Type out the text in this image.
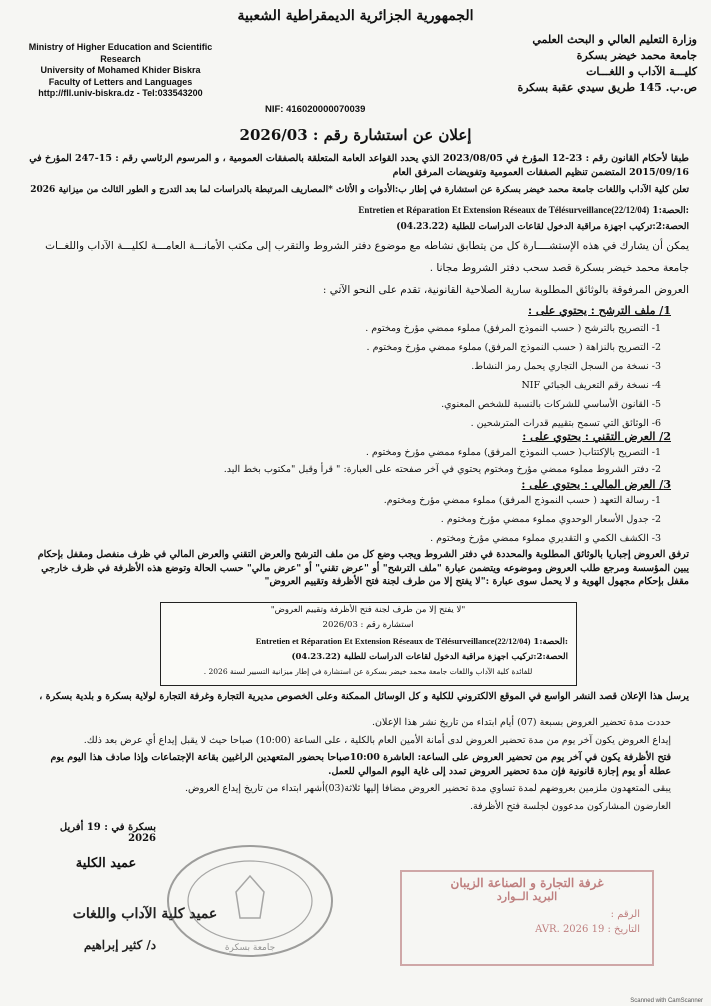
الجمهورية الجزائرية الديمقراطية الشعبية
Ministry of Higher Education and Scientific
Research
University of Mohamed Khider Biskra
Faculty of Letters and Languages
http://fll.univ-biskra.dz - Tel:033543200
وزارة التعليم العالي و البحث العلمي
جامعة محمد خيضر بسكرة
كليـــة الآداب و اللغـــات
ص.ب. 145 طريق سيدي عقبة بسكرة
NIF: 416020000070039
إعلان عن استشارة رقم : 2026/03
طبقا لأحكام القانون رقم : 23-12 المؤرخ في 2023/08/05 الذي يحدد القواعد العامة المتعلقة بالصفقات العمومية ، و المرسوم الرئاسي رقم : 15-247 المؤرخ في 2015/09/16 المتضمن تنظيم الصفقات العمومية وتفويضات المرفق العام
تعلن كلية الآداب واللغات جامعة محمد خيضر بسكرة عن استشارة في إطار ب:الأدوات و الأثاث *المصاريف المرتبطة بالدراسات لما بعد التدرج و الطور الثالث من ميزانية 2026
Entretien et Réparation Et Extension Réseaux de Télésurveillance(22/12/04) الحصة:1:
الحصة:2:تركيب اجهزة مراقبة الدخول لقاعات الدراسات للطلبة (04.23.22)
يمكن أن يشارك في هذه الإستشــــارة كل من يتطابق نشاطه مع موضوع دفتر الشروط والتقرب إلى مكتب الأمانـــة العامـــة لكليـــة الآداب واللغــات
جامعة محمد خيضر بسكرة قصد سحب دفتر الشروط مجانا .
العروض المرفوقة بالوثائق المطلوبة سارية الصلاحية القانونية، تقدم على النحو الآتي :
1/ ملف الترشح : يحتوي على :
1- التصريح بالترشح ( حسب النموذج المرفق) مملوء ممضي مؤرخ ومختوم .
2- التصريح بالنزاهة ( حسب النموذج المرفق) مملوء ممضي مؤرخ ومختوم .
3- نسخة من السجل التجاري يحمل رمز النشاط.
4- نسخة رقم التعريف الجبائي NIF
5- القانون الأساسي للشركات بالنسبة للشخص المعنوي.
6- الوثائق التي تسمح بتقييم قدرات المترشحين .
2/ العرض التقني : يحتوي على :
1- التصريح بالإكتتاب( حسب النموذج المرفق) مملوء ممضي مؤرخ ومختوم .
2- دفتر الشروط مملوء ممضي مؤرخ ومختوم يحتوي في آخر صفحته على العبارة: " قرأ وقبل "مكتوب بخط اليد.
3/ العرض المالي : يحتوي على :
1- رسالة التعهد ( حسب النموذج المرفق) مملوء ممضي مؤرخ ومختوم.
2- جدول الأسعار الوحدوي مملوء ممضي مؤرخ ومختوم .
3- الكشف الكمي و التقديري مملوء ممضي مؤرخ ومختوم .
ترفق العروض إجباريا بالوثائق المطلوبة والمحددة في دفتر الشروط ويجب وضع كل من ملف الترشح والعرض التقني والعرض المالي في ظرف منفصل ومقفل بإحكام يبين المؤسسة ومرجع طلب العروض وموضوعه ويتضمن عبارة "ملف الترشح" أو "عرض تقني" أو "عرض مالي" حسب الحالة وتوضع هذه الأظرفة في ظرف خارجي مقفل بإحكام مجهول الهوية و لا يحمل سوى عبارة :"لا يفتح إلا من طرف لجنة فتح الأظرفة وتقييم العروض"
"لا يفتح إلا من طرف لجنة فتح الأظرفة وتقييم العروض"
استشارة رقم : 2026/03
Entretien et Réparation Et Extension Réseaux de Télésurveillance(22/12/04) الحصة:1:
الحصة:2:تركيب اجهزة مراقبة الدخول لقاعات الدراسات للطلبة (04.23.22)
للفائدة كلية الآداب واللغات جامعة محمد خيضر بسكرة عن استشارة في إطار ميزانية التسيير لسنة 2026 .
يرسل هذا الإعلان قصد النشر الواسع في الموقع الالكتروني للكلية و كل الوسائل الممكنة وعلى الخصوص مديرية التجارة وغرفة التجارة لولاية بسكرة و بلدية بسكرة ،
حددت مدة تحضير العروض بسبعة (07) أيام ابتداء من تاريخ نشر هذا الإعلان.
إيداع العروض يكون آخر يوم من مدة تحضير العروض لدى أمانة الأمين العام بالكلية ، على الساعة (10:00) صباحا حيث لا يقبل إيداع أي عرض بعد ذلك.
فتح الأظرفة يكون في آخر يوم من تحضير العروض على الساعة: العاشرة 10:00صباحا بحضور المتعهدين الراغبين بقاعة الإجتماعات وإذا صادف هذا اليوم يوم عطلة أو يوم إجازة قانونية فإن مدة تحضير العروض تمدد إلى غاية اليوم الموالي للعمل.
يبقى المتعهدون ملزمين بعروضهم لمدة تساوي مدة تحضير العروض مضافا إليها ثلاثة(03)أشهر ابتداء من تاريخ إيداع العروض.
العارضون المشاركون مدعوون لجلسة فتح الأظرفة.
بسكرة في : 19 أفريل 2026
عميد الكلية
عميد كلية الآداب واللغات
د/ كثير إبراهيم	جامعة بسكرة
غرفة التجارة و الصناعة الزيبان
البريد الــوارد
الرقم :
التاريخ : 19 AVR. 2026
Scanned with CamScanner
